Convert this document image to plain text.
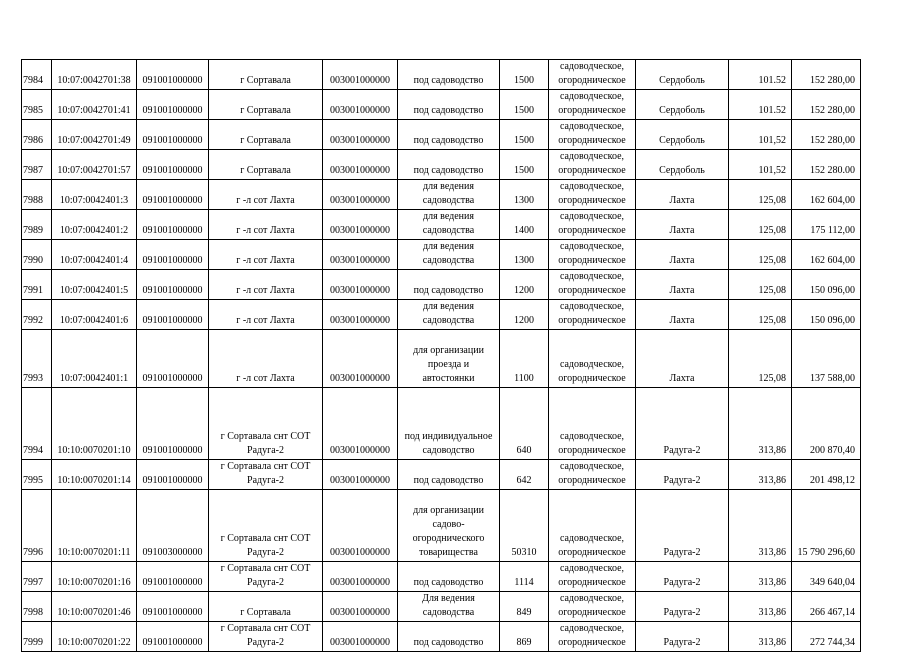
7984	10:07:0042701:38	091001000000	г Сортавала	003001000000	под садоводство	1500	садоводческое,
огородническое	Сердоболь	101.52	152 280,00
7985	10:07:0042701:41	091001000000	г Сортавала	003001000000	под садоводство	1500	садоводческое,
огородническое	Сердоболь	101.52	152 280,00
7986	10:07:0042701:49	091001000000	г Сортавала	003001000000	под садоводство	1500	садоводческое,
огородническое	Сердоболь	101,52	152 280,00
7987	10:07:0042701:57	091001000000	г Сортавала	003001000000	под садоводство	1500	садоводческое,
огородническое	Сердоболь	101,52	152 280.00
7988	10:07:0042401:3	091001000000	г -л сот Лахта	003001000000	для ведения
садоводства	1300	садоводческое,
огородническое	Лахта	125,08	162 604,00
7989	10:07:0042401:2	091001000000	г -л сот Лахта	003001000000	для ведения
садоводства	1400	садоводческое,
огородническое	Лахта	125,08	175 112,00
7990	10:07:0042401:4	091001000000	г -л сот Лахта	003001000000	для ведения
садоводства	1300	садоводческое,
огородническое	Лахта	125,08	162 604,00
7991	10:07:0042401:5	091001000000	г -л сот Лахта	003001000000	под садоводство	1200	садоводческое,
огородническое	Лахта	125,08	150 096,00
7992	10:07:0042401:6	091001000000	г -л сот Лахта	003001000000	для ведения
садоводства	1200	садоводческое,
огородническое	Лахта	125,08	150 096,00
7993	10:07:0042401:1	091001000000	г -л сот Лахта	003001000000	для организации
проезда и
автостоянки	1100	садоводческое,
огородническое	Лахта	125,08	137 588,00
7994	10:10:0070201:10	091001000000	г Сортавала снт СОТ
Радуга-2	003001000000	под индивидуальное
садоводство	640	садоводческое,
огородническое	Радуга-2	313,86	200 870,40
7995	10:10:0070201:14	091001000000	г Сортавала снт СОТ
Радуга-2	003001000000	под садоводство	642	садоводческое,
огородническое	Радуга-2	313,86	201 498,12
7996	10:10:0070201:11	091003000000	г Сортавала снт СОТ
Радуга-2	003001000000	для организации
садово-
огороднического
товарищества	50310	садоводческое,
огородническое	Радуга-2	313,86	15 790 296,60
7997	10:10:0070201:16	091001000000	г Сортавала снт СОТ
Радуга-2	003001000000	под садоводство	1114	садоводческое,
огородническое	Радуга-2	313,86	349 640,04
7998	10:10:0070201:46	091001000000	г Сортавала	003001000000	Для ведения
садоводства	849	садоводческое,
огородническое	Радуга-2	313,86	266 467,14
7999	10:10:0070201:22	091001000000	г Сортавала снт СОТ
Радуга-2	003001000000	под садоводство	869	садоводческое,
огородническое	Радуга-2	313,86	272 744,34
